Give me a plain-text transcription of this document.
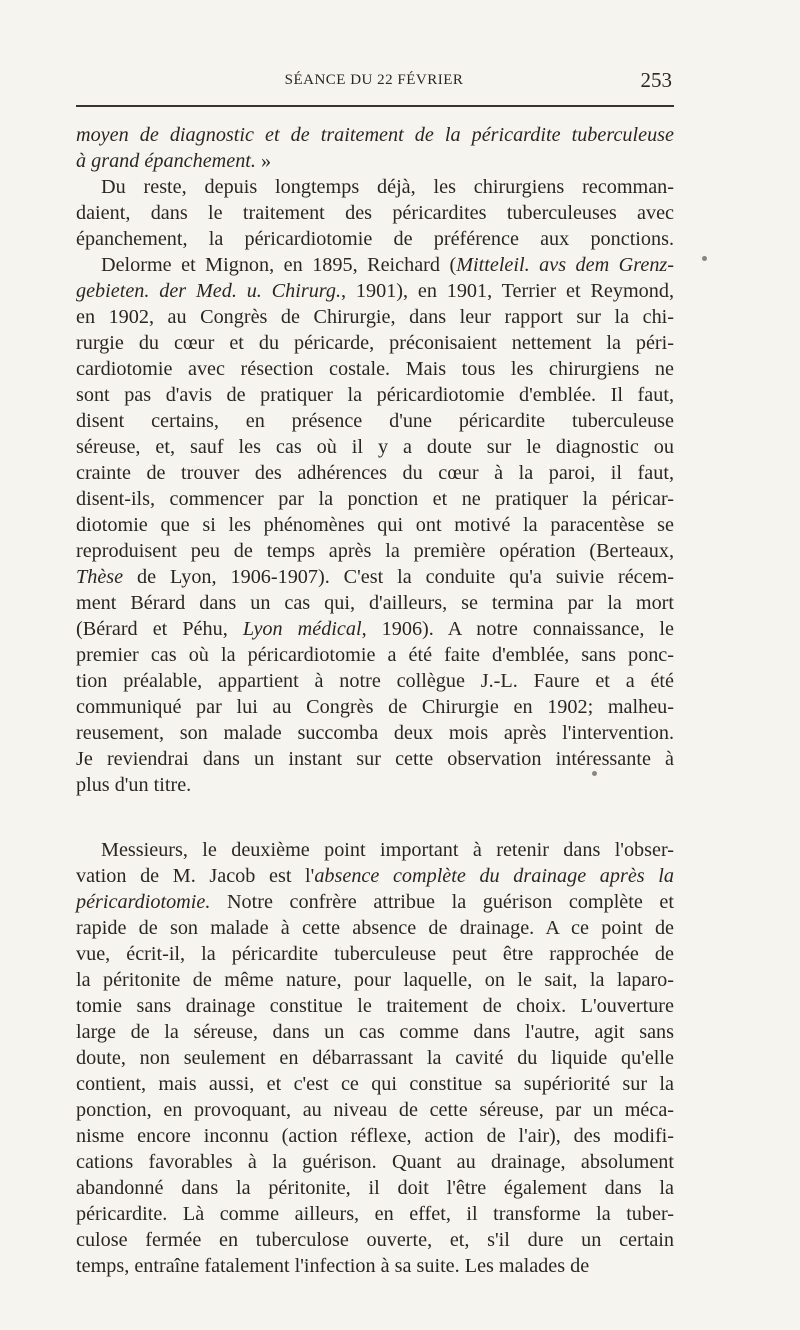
SÉANCE DU 22 FÉVRIER	253
moyen de diagnostic et de traitement de la péricardite tuberculeuse
à grand épanchement. »
Du reste, depuis longtemps déjà, les chirurgiens recomman-
daient, dans le traitement des péricardites tuberculeuses avec
épanchement, la péricardiotomie de préférence aux ponctions.
Delorme et Mignon, en 1895, Reichard (Mitteleil. avs dem Grenz-
gebieten. der Med. u. Chirurg., 1901), en 1901, Terrier et Reymond,
en 1902, au Congrès de Chirurgie, dans leur rapport sur la chi-
rurgie du cœur et du péricarde, préconisaient nettement la péri-
cardiotomie avec résection costale. Mais tous les chirurgiens ne
sont pas d'avis de pratiquer la péricardiotomie d'emblée. Il faut,
disent certains, en présence d'une péricardite tuberculeuse
séreuse, et, sauf les cas où il y a doute sur le diagnostic ou
crainte de trouver des adhérences du cœur à la paroi, il faut,
disent-ils, commencer par la ponction et ne pratiquer la péricar-
diotomie que si les phénomènes qui ont motivé la paracentèse se
reproduisent peu de temps après la première opération (Berteaux,
Thèse de Lyon, 1906-1907). C'est la conduite qu'a suivie récem-
ment Bérard dans un cas qui, d'ailleurs, se termina par la mort
(Bérard et Péhu, Lyon médical, 1906). A notre connaissance, le
premier cas où la péricardiotomie a été faite d'emblée, sans ponc-
tion préalable, appartient à notre collègue J.-L. Faure et a été
communiqué par lui au Congrès de Chirurgie en 1902; malheu-
reusement, son malade succomba deux mois après l'intervention.
Je reviendrai dans un instant sur cette observation intéressante à
plus d'un titre.
Messieurs, le deuxième point important à retenir dans l'obser-
vation de M. Jacob est l'absence complète du drainage après la
péricardiotomie. Notre confrère attribue la guérison complète et
rapide de son malade à cette absence de drainage. A ce point de
vue, écrit-il, la péricardite tuberculeuse peut être rapprochée de
la péritonite de même nature, pour laquelle, on le sait, la laparo-
tomie sans drainage constitue le traitement de choix. L'ouverture
large de la séreuse, dans un cas comme dans l'autre, agit sans
doute, non seulement en débarrassant la cavité du liquide qu'elle
contient, mais aussi, et c'est ce qui constitue sa supériorité sur la
ponction, en provoquant, au niveau de cette séreuse, par un méca-
nisme encore inconnu (action réflexe, action de l'air), des modifi-
cations favorables à la guérison. Quant au drainage, absolument
abandonné dans la péritonite, il doit l'être également dans la
péricardite. Là comme ailleurs, en effet, il transforme la tuber-
culose fermée en tuberculose ouverte, et, s'il dure un certain
temps, entraîne fatalement l'infection à sa suite. Les malades de
